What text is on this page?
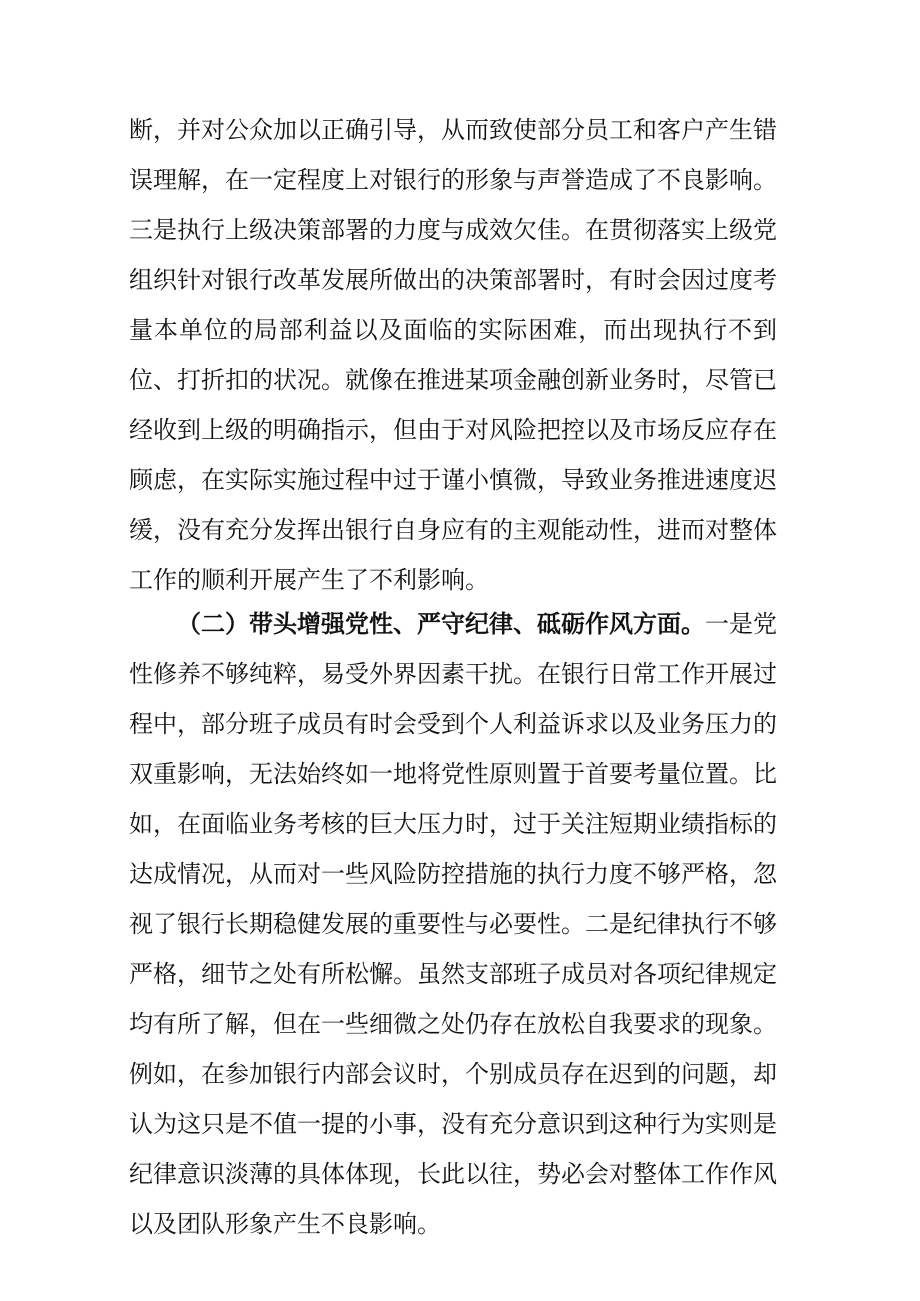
断，并对公众加以正确引导，从而致使部分员工和客户产生错误理解，在一定程度上对银行的形象与声誉造成了不良影响。三是执行上级决策部署的力度与成效欠佳。在贯彻落实上级党组织针对银行改革发展所做出的决策部署时，有时会因过度考量本单位的局部利益以及面临的实际困难，而出现执行不到位、打折扣的状况。就像在推进某项金融创新业务时，尽管已经收到上级的明确指示，但由于对风险把控以及市场反应存在顾虑，在实际实施过程中过于谨小慎微，导致业务推进速度迟缓，没有充分发挥出银行自身应有的主观能动性，进而对整体工作的顺利开展产生了不利影响。

（二）带头增强党性、严守纪律、砥砺作风方面。一是党性修养不够纯粹，易受外界因素干扰。在银行日常工作开展过程中，部分班子成员有时会受到个人利益诉求以及业务压力的双重影响，无法始终如一地将党性原则置于首要考量位置。比如，在面临业务考核的巨大压力时，过于关注短期业绩指标的达成情况，从而对一些风险防控措施的执行力度不够严格，忽视了银行长期稳健发展的重要性与必要性。二是纪律执行不够严格，细节之处有所松懈。虽然支部班子成员对各项纪律规定均有所了解，但在一些细微之处仍存在放松自我要求的现象。例如，在参加银行内部会议时，个别成员存在迟到的问题，却认为这只是不值一提的小事，没有充分意识到这种行为实则是纪律意识淡薄的具体体现，长此以往，势必会对整体工作作风以及团队形象产生不良影响。
